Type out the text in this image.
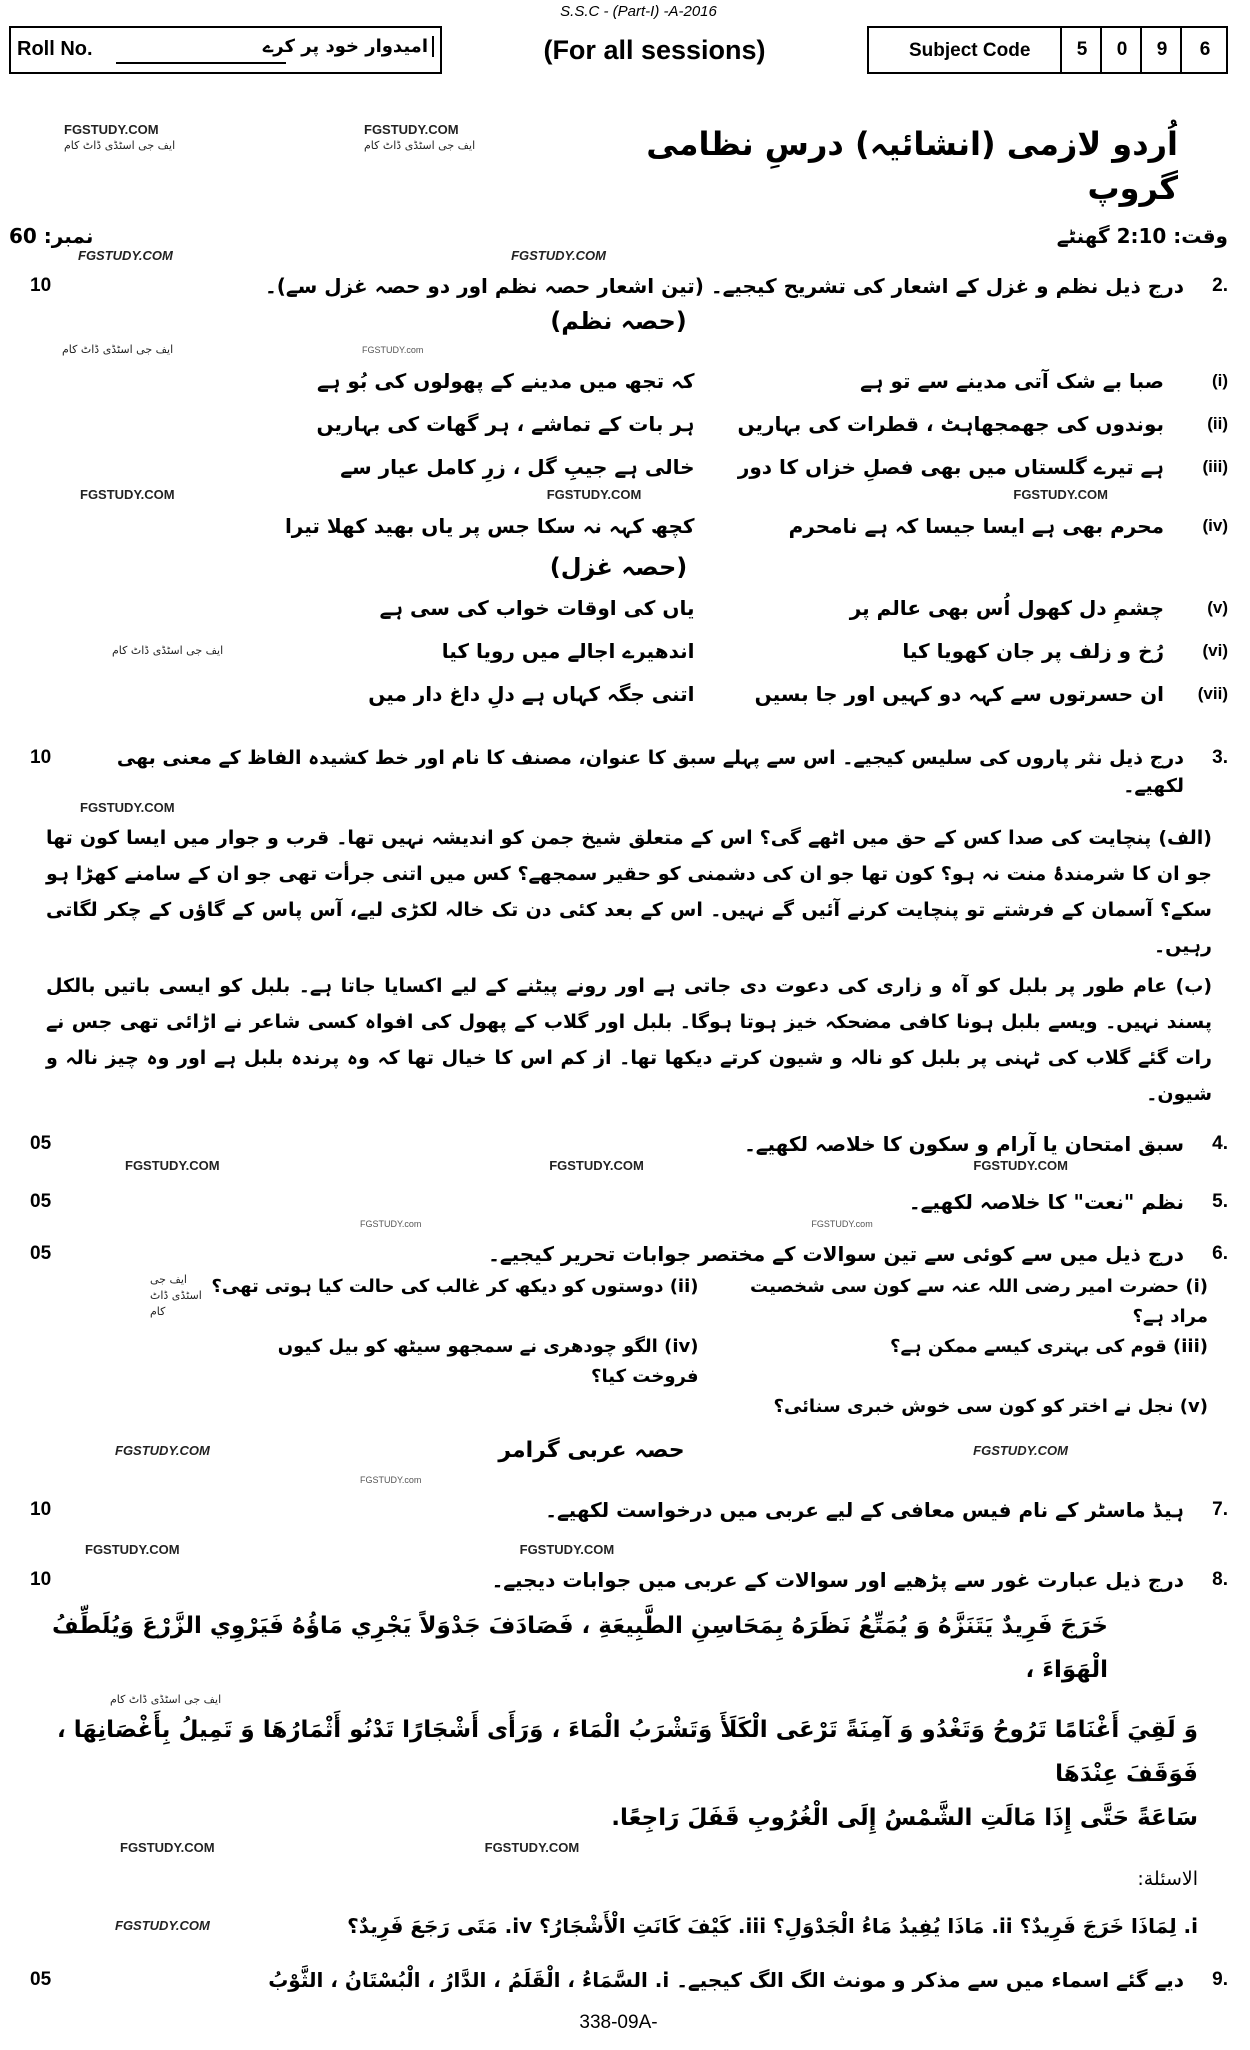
S.S.C - (Part-I) -A-2016
Roll No.	امیدوار خود پر کرے	(For all sessions)	Subject Code	5	0	9	6
FGSTUDY.COM
ایف جی اسٹڈی ڈاٹ کام
FGSTUDY.COM
ایف جی اسٹڈی ڈاٹ کام	اُردو لازمی (انشائیہ) درسِ نظامی گروپ
نمبر: 60
FGSTUDY.COM	FGSTUDY.COM
وقت: 2:10 گھنٹے
10	درج ذیل نظم و غزل کے اشعار کی تشریح کیجیے۔ (تین اشعار حصہ نظم اور دو حصہ غزل سے)۔	2.
(حصہ نظم)
ایف جی اسٹڈی ڈاٹ کام	FGSTUDY.com
کہ تجھ میں مدینے کے پھولوں کی بُو ہے	صبا بے شک آتی مدینے سے تو ہے	(i)
ہر بات کے تماشے ، ہر گھات کی بہاریں	بوندوں کی جھمجھاہٹ ، قطرات کی بہاریں	(ii)
خالی ہے جیبِ گل ، زرِ کامل عیار سے	ہے تیرے گلستاں میں بھی فصلِ خزاں کا دور	(iii)
FGSTUDY.COM	FGSTUDY.COM	FGSTUDY.COM
کچھ کہہ نہ سکا جس پر یاں بھید کھلا تیرا	محرم بھی ہے ایسا جیسا کہ ہے نامحرم	(iv)
(حصہ غزل)
یاں کی اوقات خواب کی سی ہے	چشمِ دل کھول اُس بھی عالم پر	(v)
ایف جی اسٹڈی ڈاٹ کام	اندھیرے اجالے میں رویا کیا	رُخ و زلف پر جان کھویا کیا	(vi)
اتنی جگہ کہاں ہے دلِ داغ دار میں	ان حسرتوں سے کہہ دو کہیں اور جا بسیں	(vii)
10	درج ذیل نثر پاروں کی سلیس کیجیے۔ اس سے پہلے سبق کا عنوان، مصنف کا نام اور خط کشیدہ الفاظ کے معنی بھی لکھیے۔
3.
FGSTUDY.COM
(الف) پنچایت کی صدا کس کے حق میں اٹھے گی؟ اس کے متعلق شیخ جمن کو اندیشہ نہیں تھا۔ قرب و جوار میں ایسا کون تھا جو ان کا شرمندۂ منت نہ ہو؟ کون تھا جو ان کی دشمنی کو حقیر سمجھے؟ کس میں اتنی جرأت تھی جو ان کے سامنے کھڑا ہو سکے؟ آسمان کے فرشتے تو پنچایت کرنے آئیں گے نہیں۔ اس کے بعد کئی دن تک خالہ لکڑی لیے، آس پاس کے گاؤں کے چکر لگاتی رہیں۔
(ب) عام طور پر بلبل کو آہ و زاری کی دعوت دی جاتی ہے اور رونے پیٹنے کے لیے اکسایا جاتا ہے۔ بلبل کو ایسی باتیں بالکل پسند نہیں۔ ویسے بلبل ہونا کافی مضحکہ خیز ہوتا ہوگا۔ بلبل اور گلاب کے پھول کی افواہ کسی شاعر نے اڑائی تھی جس نے رات گئے گلاب کی ٹہنی پر بلبل کو نالہ و شیون کرتے دیکھا تھا۔ از کم اس کا خیال تھا کہ وہ پرندہ بلبل ہے اور وہ چیز نالہ و شیون۔
05	سبق امتحان یا آرام و سکون کا خلاصہ لکھیے۔	4.
FGSTUDY.COM	FGSTUDY.COM	FGSTUDY.COM
05	نظم "نعت" کا خلاصہ لکھیے۔	5.
FGSTUDY.com	FGSTUDY.com
05	درج ذیل میں سے کوئی سے تین سوالات کے مختصر جوابات تحریر کیجیے۔	6.
ایف جی اسٹڈی ڈاٹ کام
(i) حضرت امیر رضی اللہ عنہ سے کون سی شخصیت مراد ہے؟
(ii) دوستوں کو دیکھ کر غالب کی حالت کیا ہوتی تھی؟
(iii) قوم کی بہتری کیسے ممکن ہے؟
(iv) الگو چودھری نے سمجھو سیٹھ کو بیل کیوں فروخت کیا؟
(v) نجل نے اختر کو کون سی خوش خبری سنائی؟
FGSTUDY.COM	حصہ عربی گرامر	FGSTUDY.COM
FGSTUDY.com
10	ہیڈ ماسٹر کے نام فیس معافی کے لیے عربی میں درخواست لکھیے۔	7.
FGSTUDY.COM	FGSTUDY.COM
10	درج ذیل عبارت غور سے پڑھیے اور سوالات کے عربی میں جوابات دیجیے۔	8.
خَرَجَ فَرِيدٌ يَتَنَزَّهُ وَ يُمَتِّعُ نَظَرَهُ بِمَحَاسِنِ الطَّبِيعَةِ ، فَصَادَفَ جَدْوَلاً يَجْرِي مَاؤُهُ فَيَرْوِي الزَّرْعَ وَيُلَطِّفُ الْهَوَاءَ ،
ایف جی اسٹڈی ڈاٹ کام
وَ لَقِيَ أَغْنَامًا تَرُوحُ وَتَغْدُو وَ آمِنَةً تَرْعَى الْكَلَأَ وَتَشْرَبُ الْمَاءَ ، وَرَأَى أَشْجَارًا تَدْنُو أَثْمَارُهَا وَ تَمِيلُ بِأَغْصَانِهَا ، فَوَقَفَ عِنْدَهَا
سَاعَةً حَتَّى إِذَا مَالَتِ الشَّمْسُ إِلَى الْغُرُوبِ قَفَلَ رَاجِعًا.
FGSTUDY.COM	FGSTUDY.COM
الاسئلة:
FGSTUDY.COM	i. لِمَاذَا خَرَجَ فَرِيدٌ؟ ii. مَاذَا يُفِيدُ مَاءُ الْجَدْوَلِ؟ iii. كَيْفَ كَانَتِ الْأَشْجَارُ؟ iv. مَتَى رَجَعَ فَرِيدٌ؟
05	دیے گئے اسماء میں سے مذکر و مونث الگ الگ کیجیے۔ i. السَّمَاءُ ، الْقَلَمُ ، الدَّارُ ، الْبُسْتَانُ ، الثَّوْبُ	9.
338-09A-
